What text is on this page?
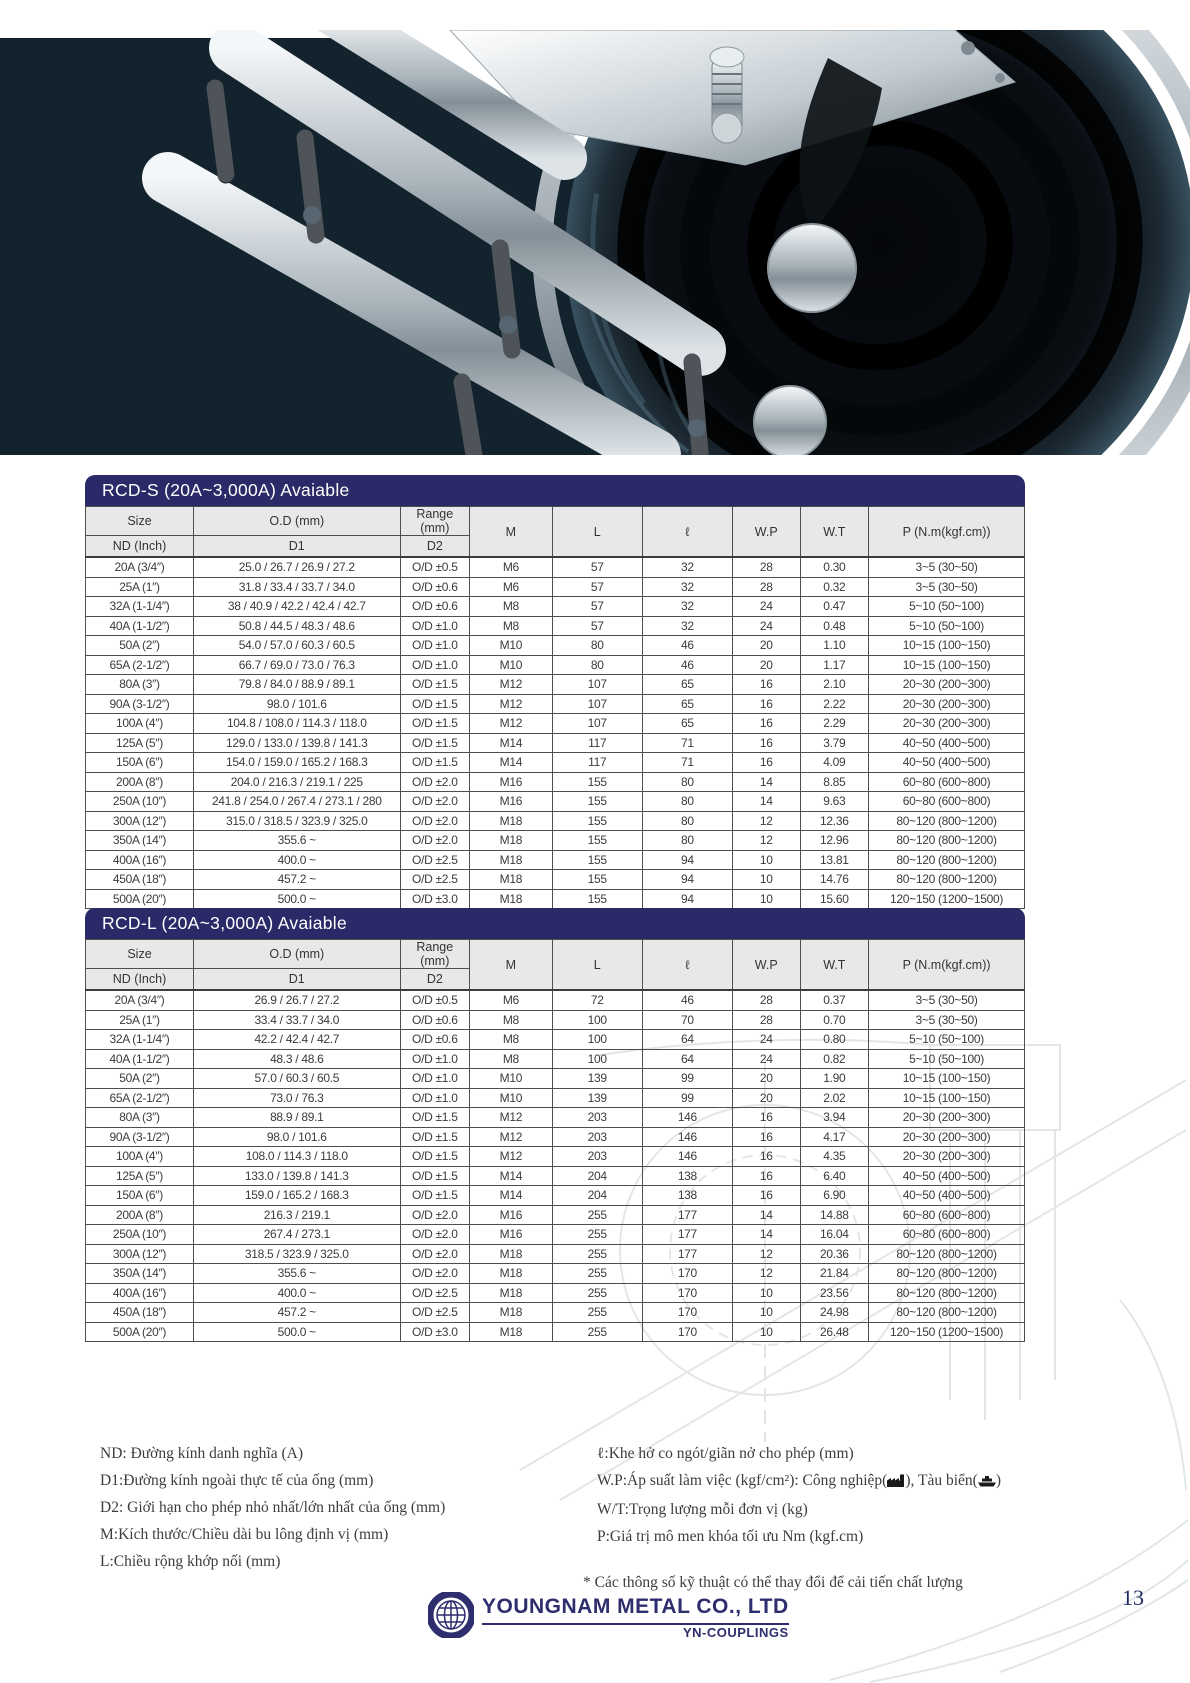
RCD-S (20A~3,000A) Avaiable
Size	O.D (mm)	Range (mm)	M	L	ℓ	W.P	W.T	P (N.m(kgf.cm))
ND (Inch)	D1	D2						
20A (3/4″)	25.0 / 26.7 / 26.9 / 27.2	O/D ±0.5	M6	57	32	28	0.30	3~5 (30~50)
25A (1″)	31.8 / 33.4 / 33.7 / 34.0	O/D ±0.6	M6	57	32	28	0.32	3~5 (30~50)
32A (1-1/4″)	38 / 40.9 / 42.2 / 42.4 / 42.7	O/D ±0.6	M8	57	32	24	0.47	5~10 (50~100)
40A (1-1/2″)	50.8 / 44.5 / 48.3 / 48.6	O/D ±1.0	M8	57	32	24	0.48	5~10 (50~100)
50A (2″)	54.0 / 57.0 / 60.3 / 60.5	O/D ±1.0	M10	80	46	20	1.10	10~15 (100~150)
65A (2-1/2″)	66.7 / 69.0 / 73.0 / 76.3	O/D ±1.0	M10	80	46	20	1.17	10~15 (100~150)
80A (3″)	79.8 / 84.0 / 88.9 / 89.1	O/D ±1.5	M12	107	65	16	2.10	20~30 (200~300)
90A (3-1/2″)	98.0 / 101.6	O/D ±1.5	M12	107	65	16	2.22	20~30 (200~300)
100A (4″)	104.8 / 108.0 / 114.3 / 118.0	O/D ±1.5	M12	107	65	16	2.29	20~30 (200~300)
125A (5″)	129.0 / 133.0 / 139.8 / 141.3	O/D ±1.5	M14	117	71	16	3.79	40~50 (400~500)
150A (6″)	154.0 / 159.0 / 165.2 / 168.3	O/D ±1.5	M14	117	71	16	4.09	40~50 (400~500)
200A (8″)	204.0 / 216.3 / 219.1 / 225	O/D ±2.0	M16	155	80	14	8.85	60~80 (600~800)
250A (10″)	241.8 / 254.0 / 267.4 / 273.1 / 280	O/D ±2.0	M16	155	80	14	9.63	60~80 (600~800)
300A (12″)	315.0 / 318.5 / 323.9 / 325.0	O/D ±2.0	M18	155	80	12	12.36	80~120 (800~1200)
350A (14″)	355.6 ~	O/D ±2.0	M18	155	80	12	12.96	80~120 (800~1200)
400A (16″)	400.0 ~	O/D ±2.5	M18	155	94	10	13.81	80~120 (800~1200)
450A (18″)	457.2 ~	O/D ±2.5	M18	155	94	10	14.76	80~120 (800~1200)
500A (20″)	500.0 ~	O/D ±3.0	M18	155	94	10	15.60	120~150 (1200~1500)
RCD-L (20A~3,000A) Avaiable
Size	O.D (mm)	Range (mm)	M	L	ℓ	W.P	W.T	P (N.m(kgf.cm))
ND (Inch)	D1	D2						
20A (3/4″)	26.9 / 26.7 / 27.2	O/D ±0.5	M6	72	46	28	0.37	3~5 (30~50)
25A (1″)	33.4 / 33.7 / 34.0	O/D ±0.6	M8	100	70	28	0.70	3~5 (30~50)
32A (1-1/4″)	42.2 / 42.4 / 42.7	O/D ±0.6	M8	100	64	24	0.80	5~10 (50~100)
40A (1-1/2″)	48.3 / 48.6	O/D ±1.0	M8	100	64	24	0.82	5~10 (50~100)
50A (2″)	57.0 / 60.3 / 60.5	O/D ±1.0	M10	139	99	20	1.90	10~15 (100~150)
65A (2-1/2″)	73.0 / 76.3	O/D ±1.0	M10	139	99	20	2.02	10~15 (100~150)
80A (3″)	88.9 / 89.1	O/D ±1.5	M12	203	146	16	3.94	20~30 (200~300)
90A (3-1/2″)	98.0 / 101.6	O/D ±1.5	M12	203	146	16	4.17	20~30 (200~300)
100A (4″)	108.0 / 114.3 / 118.0	O/D ±1.5	M12	203	146	16	4.35	20~30 (200~300)
125A (5″)	133.0 / 139.8 / 141.3	O/D ±1.5	M14	204	138	16	6.40	40~50 (400~500)
150A (6″)	159.0 / 165.2 / 168.3	O/D ±1.5	M14	204	138	16	6.90	40~50 (400~500)
200A (8″)	216.3 / 219.1	O/D ±2.0	M16	255	177	14	14.88	60~80 (600~800)
250A (10″)	267.4 / 273.1	O/D ±2.0	M16	255	177	14	16.04	60~80 (600~800)
300A (12″)	318.5 / 323.9 / 325.0	O/D ±2.0	M18	255	177	12	20.36	80~120 (800~1200)
350A (14″)	355.6 ~	O/D ±2.0	M18	255	170	12	21.84	80~120 (800~1200)
400A (16″)	400.0 ~	O/D ±2.5	M18	255	170	10	23.56	80~120 (800~1200)
450A (18″)	457.2 ~	O/D ±2.5	M18	255	170	10	24.98	80~120 (800~1200)
500A (20″)	500.0 ~	O/D ±3.0	M18	255	170	10	26.48	120~150 (1200~1500)
ND: Đường kính danh nghĩa (A)
D1:Đường kính ngoài thực tế của ống (mm)
D2: Giới hạn cho phép nhỏ nhất/lớn nhất của ống (mm)
M:Kích thước/Chiều dài bu lông định vị (mm)
L:Chiều rộng khớp nối (mm)
ℓ:Khe hở co ngót/giãn nở cho phép (mm)
W.P:Áp suất làm việc (kgf/cm²): Công nghiệp( ), Tàu biển( )
W/T:Trọng lượng mỗi đơn vị (kg)
P:Giá trị mô men khóa tối ưu Nm (kgf.cm)
* Các thông số kỹ thuật có thể thay đổi để cải tiến chất lượng
YOUNGNAM METAL CO., LTD
YN-COUPLINGS
13
